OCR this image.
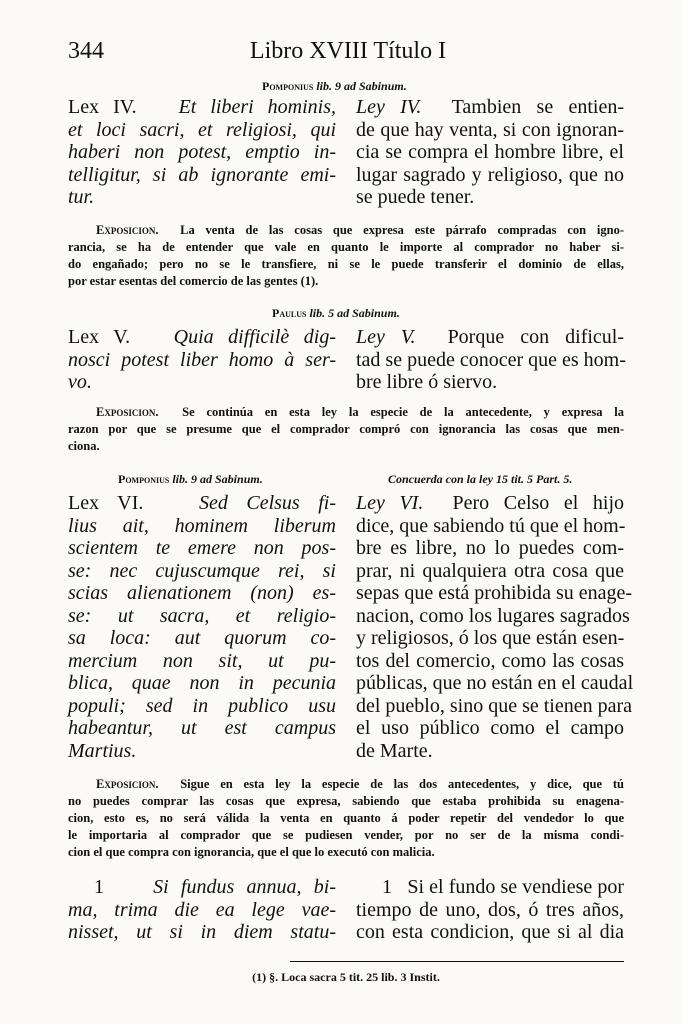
344	Libro XVIII Título I
Pomponius lib. 9 ad Sabinum.
Lex IV. Et liberi hominis,
et loci sacri, et religiosi, qui
haberi non potest, emptio in-
telligitur, si ab ignorante emi-
tur.
Ley IV. Tambien se entien-
de que hay venta, si con ignoran-
cia se compra el hombre libre, el
lugar sagrado y religioso, que no
se puede tener.
Exposicion. La venta de las cosas que expresa este párrafo compradas con igno-
rancia, se ha de entender que vale en quanto le importe al comprador no haber si-
do engañado; pero no se le transfiere, ni se le puede transferir el dominio de ellas,
por estar esentas del comercio de las gentes (1).
Paulus lib. 5 ad Sabinum.
Lex V. Quia difficilè dig-
nosci potest liber homo à ser-
vo.
Ley V. Porque con dificul-
tad se puede conocer que es hom-
bre libre ó siervo.
Exposicion. Se continúa en esta ley la especie de la antecedente, y expresa la
razon por que se presume que el comprador compró con ignorancia las cosas que men-
ciona.
Pomponius lib. 9 ad Sabinum.	Concuerda con la ley 15 tit. 5 Part. 5.
Lex VI.	Sed Celsus fi-
lius ait, hominem liberum
scientem te emere non pos-
se: nec cujuscumque rei, si
scias alienationem (non) es-
se: ut sacra, et religio-
sa loca: aut quorum co-
mercium non sit, ut pu-
blica, quae non in pecunia
populi; sed in publico usu
habeantur, ut est campus
Martius.
Ley VI. Pero Celso el hijo
dice, que sabiendo tú que el hom-
bre es libre, no lo puedes com-
prar, ni qualquiera otra cosa que
sepas que está prohibida su enage-
nacion, como los lugares sagrados
y religiosos, ó los que están esen-
tos del comercio, como las cosas
públicas, que no están en el caudal
del pueblo, sino que se tienen para
el uso público como el campo
de Marte.
Exposicion. Sigue en esta ley la especie de las dos antecedentes, y dice, que tú
no puedes comprar las cosas que expresa, sabiendo que estaba prohibida su enagena-
cion, esto es, no será válida la venta en quanto á poder repetir del vendedor lo que
le importaria al comprador que se pudiesen vender, por no ser de la misma condi-
cion el que compra con ignorancia, que el que lo executó con malicia.
1 Si fundus annua, bi-
ma, trima die ea lege vae-
nisset, ut si in diem statu-
1 Si el fundo se vendiese por
tiempo de uno, dos, ó tres años,
con esta condicion, que si al dia
(1) §. Loca sacra 5 tit. 25 lib. 3 Instit.
